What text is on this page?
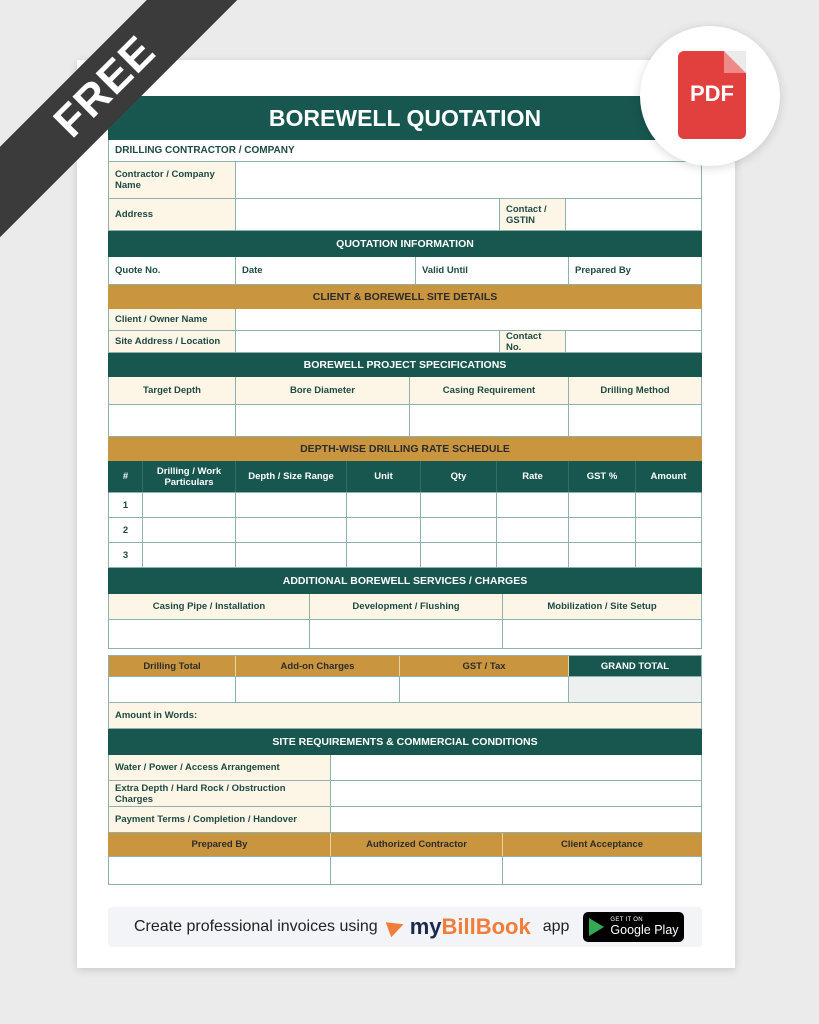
FREE	PDF
BOREWELL QUOTATION
DRILLING CONTRACTOR / COMPANY
Contractor / Company Name
Address	Contact / GSTIN
QUOTATION INFORMATION
Quote No.	Date	Valid Until	Prepared By
CLIENT & BOREWELL SITE DETAILS
Client / Owner Name
Site Address / Location	Contact No.
BOREWELL PROJECT SPECIFICATIONS
Target Depth	Bore Diameter	Casing Requirement	Drilling Method
DEPTH-WISE DRILLING RATE SCHEDULE
#	Drilling / Work Particulars	Depth / Size Range	Unit	Qty	Rate	GST %	Amount
1
2
3
ADDITIONAL BOREWELL SERVICES / CHARGES
Casing Pipe / Installation	Development / Flushing	Mobilization / Site Setup
Drilling Total	Add-on Charges	GST / Tax	GRAND TOTAL
Amount in Words:
SITE REQUIREMENTS & COMMERCIAL CONDITIONS
Water / Power / Access Arrangement
Extra Depth / Hard Rock / Obstruction Charges
Payment Terms / Completion / Handover
Prepared By	Authorized Contractor	Client Acceptance
Create professional invoices using myBillBook app	GET IT ON
Google Play
